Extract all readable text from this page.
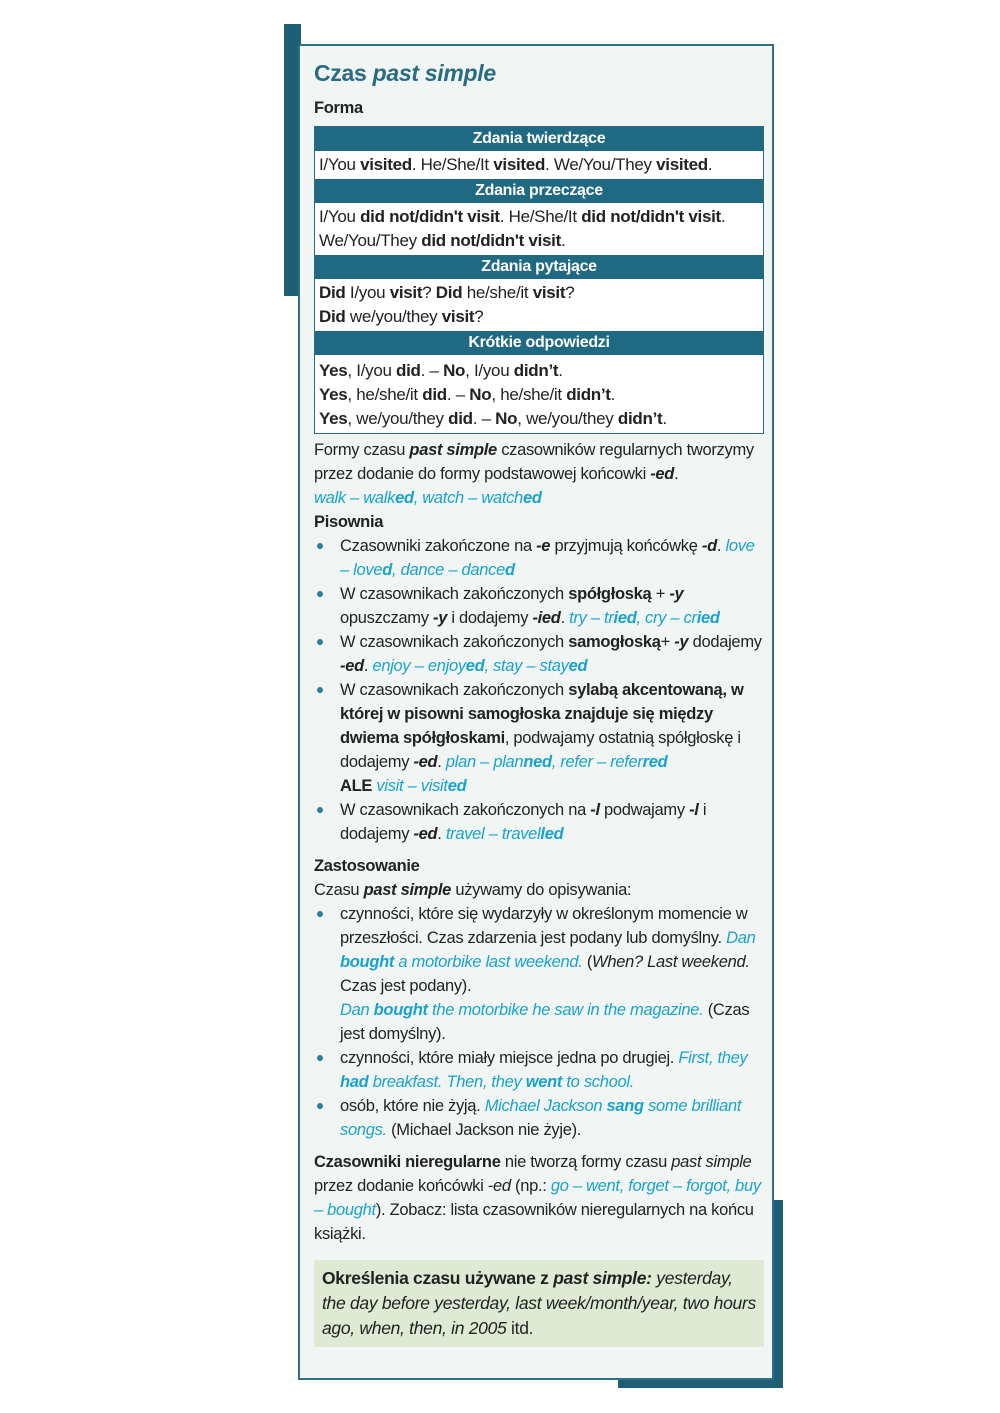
Czas past simple
Forma
Zdania twierdzące
I/You visited. He/She/It visited. We/You/They visited.
Zdania przeczące
I/You did not/didn't visit. He/She/It did not/didn't visit. We/You/They did not/didn't visit.
Zdania pytające
Did I/you visit? Did he/she/it visit?
Did we/you/they visit?
Krótkie odpowiedzi
Yes, I/you did. – No, I/you didn’t.
Yes, he/she/it did. – No, he/she/it didn’t.
Yes, we/you/they did. – No, we/you/they didn’t.

Formy czasu past simple czasowników regularnych tworzymy przez dodanie do formy podstawowej końcowki -ed.

walk – walked, watch – watched

Pisownia
Czasowniki zakończone na -e przyjmują końcówkę -d. love – loved, dance – danced
W czasownikach zakończonych spółgłoską + -y opuszczamy -y i dodajemy -ied. try – tried, cry – cried
W czasownikach zakończonych samogłoską+ -y dodajemy -ed. enjoy – enjoyed, stay – stayed
W czasownikach zakończonych sylabą akcentowaną, w której w pisowni samogłoska znajduje się między dwiema spółgłoskami, podwajamy ostatnią spółgłoskę i dodajemy -ed. plan – planned, refer – referred
ALE visit – visited
W czasownikach zakończonych na -l podwajamy -l i dodajemy -ed. travel – travelled
Zastosowanie

Czasu past simple używamy do opisywania:

czynności, które się wydarzyły w określonym momencie w przeszłości. Czas zdarzenia jest podany lub domyślny. Dan bought a motorbike last weekend. (When? Last weekend. Czas jest podany).
Dan bought the motorbike he saw in the magazine. (Czas jest domyślny).
czynności, które miały miejsce jedna po drugiej. First, they had breakfast. Then, they went to school.
osób, które nie żyją. Michael Jackson sang some brilliant songs. (Michael Jackson nie żyje).

Czasowniki nieregularne nie tworzą formy czasu past simple przez dodanie końcówki -ed (np.: go – went, forget – forgot, buy – bought). Zobacz: lista czasowników nieregularnych na końcu książki.

Określenia czasu używane z past simple: yesterday, the day before yesterday, last week/month/year, two hours ago, when, then, in 2005 itd.
